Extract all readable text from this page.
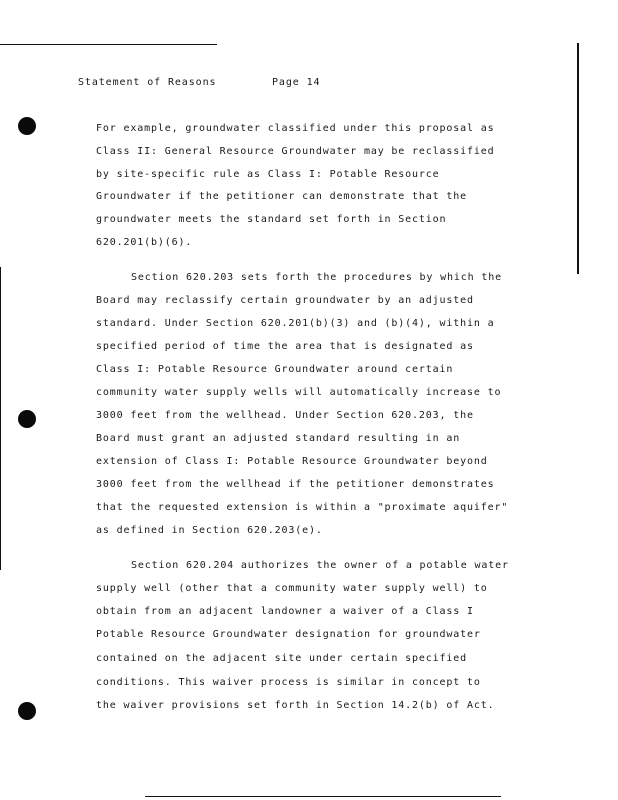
Statement of Reasons	Page 14
For example, groundwater classified under this proposal as
Class II: General Resource Groundwater may be reclassified
by site-specific rule as Class I: Potable Resource
Groundwater if the petitioner can demonstrate that the
groundwater meets the standard set forth in Section
620.201(b)(6).
Section 620.203 sets forth the procedures by which the
Board may reclassify certain groundwater by an adjusted
standard. Under Section 620.201(b)(3) and (b)(4), within a
specified period of time the area that is designated as
Class I: Potable Resource Groundwater around certain
community water supply wells will automatically increase to
3000 feet from the wellhead. Under Section 620.203, the
Board must grant an adjusted standard resulting in an
extension of Class I: Potable Resource Groundwater beyond
3000 feet from the wellhead if the petitioner demonstrates
that the requested extension is within a "proximate aquifer"
as defined in Section 620.203(e).
Section 620.204 authorizes the owner of a potable water
supply well (other that a community water supply well) to
obtain from an adjacent landowner a waiver of a Class I
Potable Resource Groundwater designation for groundwater
contained on the adjacent site under certain specified
conditions. This waiver process is similar in concept to
the waiver provisions set forth in Section 14.2(b) of Act.
